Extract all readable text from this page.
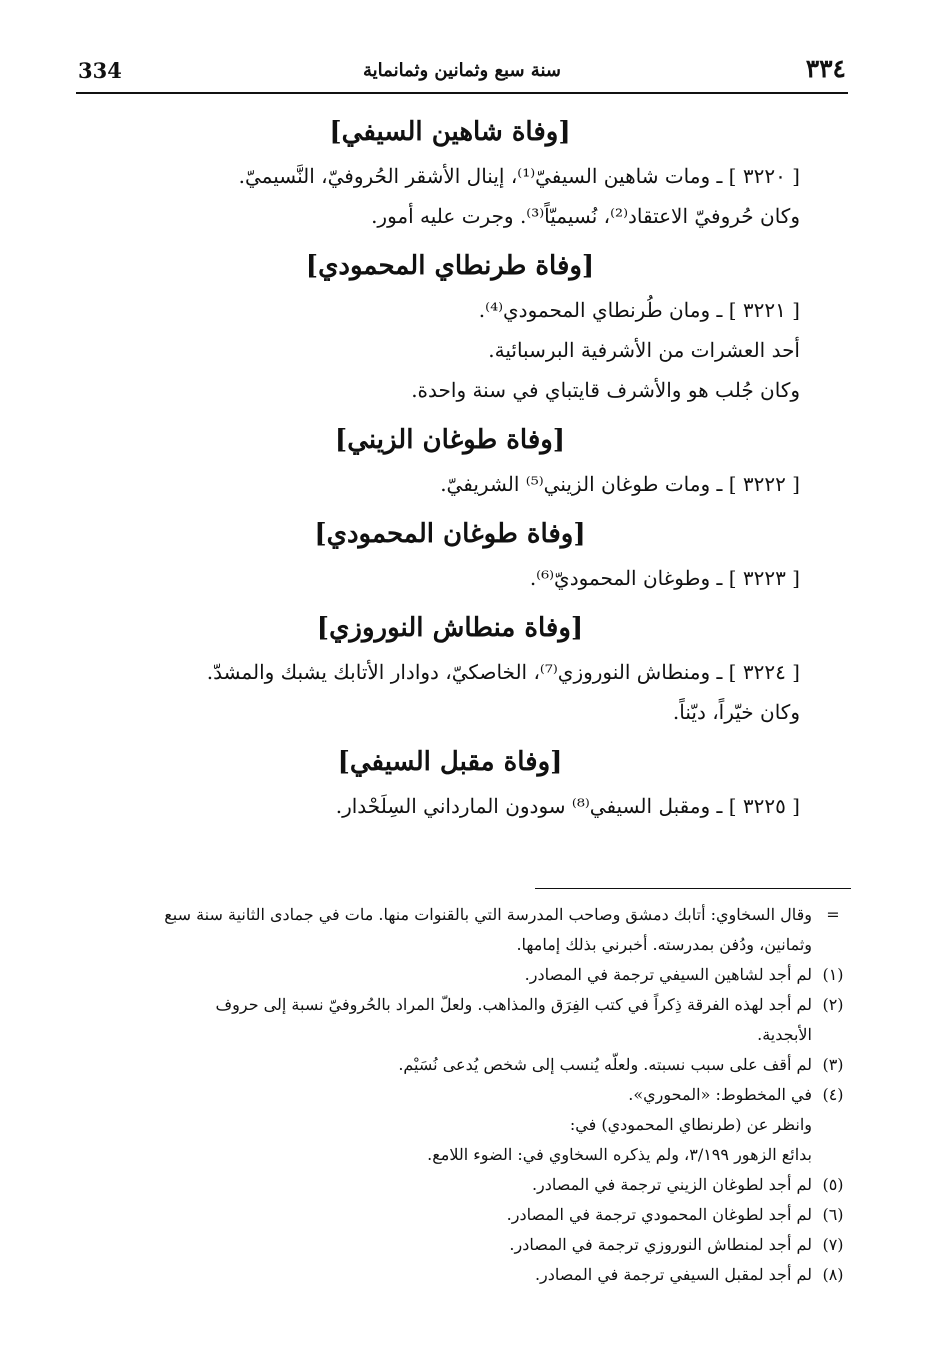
٣٣٤
سنة سبع وثمانين وثمانماية
334
[وفاة شاهين السيفي]

[ ٣٢٢٠ ] ـ ومات شاهين السيفيّ⁽¹⁾، إينال الأشقر الحُروفيّ، النَّسيميّ.

وكان حُروفيّ الاعتقاد⁽²⁾، نُسيميّاً⁽³⁾. وجرت عليه أمور.

[وفاة طرنطاي المحمودي]

[ ٣٢٢١ ] ـ ومان طُرنطاي المحمودي⁽⁴⁾.

أحد العشرات من الأشرفية البرسبائية.

وكان جُلب هو والأشرف قايتباي في سنة واحدة.

[وفاة طوغان الزيني]

[ ٣٢٢٢ ] ـ ومات طوغان الزيني⁽⁵⁾ الشريفيّ.

[وفاة طوغان المحمودي]

[ ٣٢٢٣ ] ـ وطوغان المحموديّ⁽⁶⁾.

[وفاة منطاش النوروزي]

[ ٣٢٢٤ ] ـ ومنطاش النوروزي⁽⁷⁾، الخاصكيّ، دوادار الأتابك يشبك والمشدّ.

وكان خيّراً، ديّناً.

[وفاة مقبل السيفي]

[ ٣٢٢٥ ] ـ ومقبل السيفي⁽⁸⁾ سودون المارداني السِلَحْدار.

=
وقال السخاوي: أتابك دمشق وصاحب المدرسة التي بالقنوات منها. مات في جمادى الثانية سنة سبع
وثمانين، ودُفن بمدرسته. أخبرني بذلك إمامها.
(١)
لم أجد لشاهين السيفي ترجمة في المصادر.
(٢)
لم أجد لهذه الفرقة ذِكراً في كتب الفِرَق والمذاهب. ولعلّ المراد بالحُروفيّ نسبة إلى حروف
الأبجدية.
(٣)
لم أقف على سبب نسبته. ولعلّه يُنسب إلى شخص يُدعى نُسَيْم.
(٤)
في المخطوط: «المحوري».
وانظر عن (طرنطاي المحمودي) في:
بدائع الزهور ٣/١٩٩، ولم يذكره السخاوي في: الضوء اللامع.
(٥)
لم أجد لطوغان الزيني ترجمة في المصادر.
(٦)
لم أجد لطوغان المحمودي ترجمة في المصادر.
(٧)
لم أجد لمنطاش النوروزي ترجمة في المصادر.
(٨)
لم أجد لمقبل السيفي ترجمة في المصادر.
